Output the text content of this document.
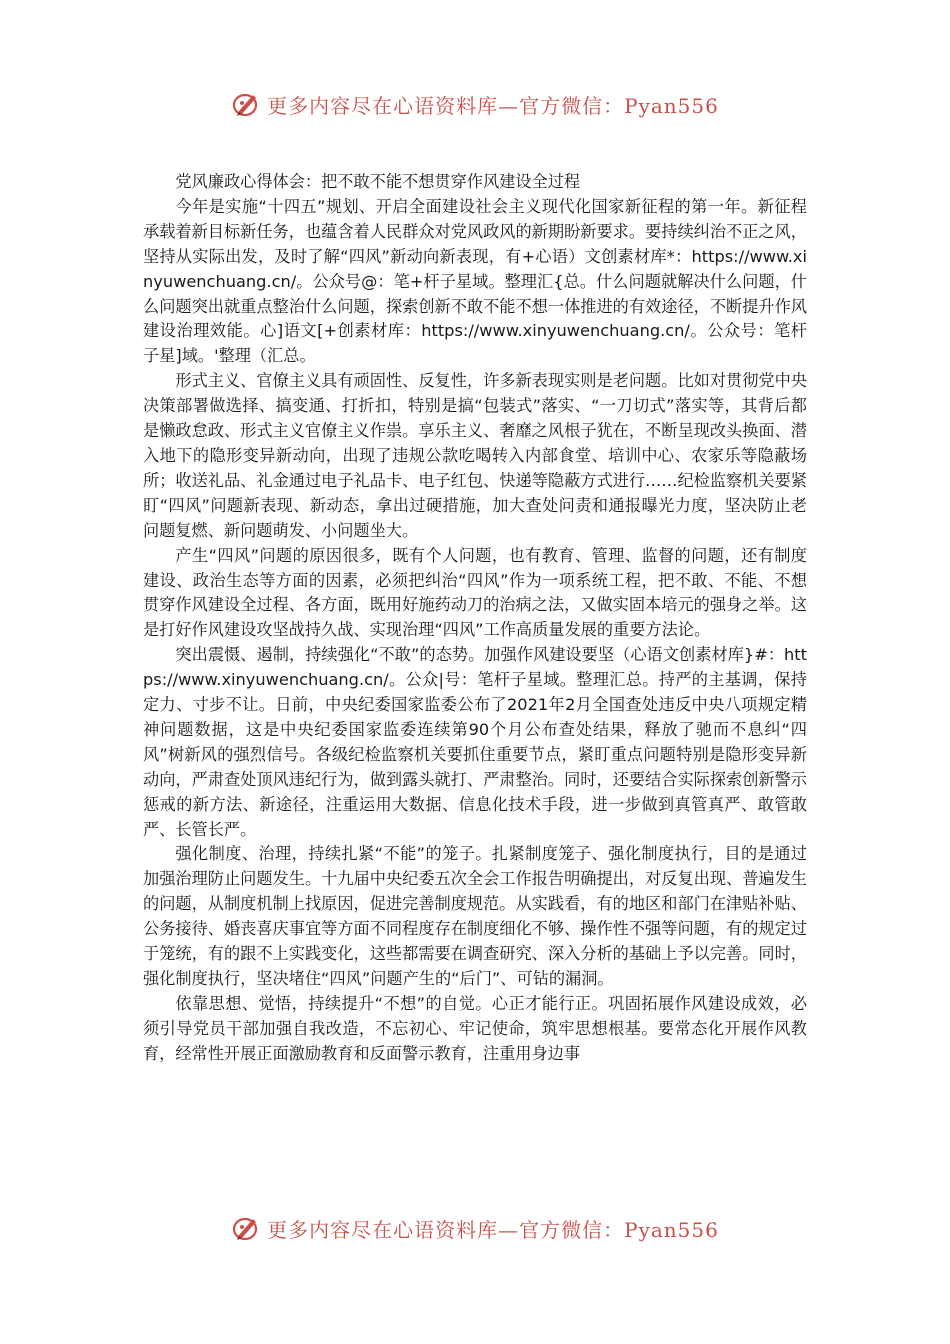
更多内容尽在心语资料库—官方微信：Pyan556

党风廉政心得体会：把不敢不能不想贯穿作风建设全过程

今年是实施“十四五”规划、开启全面建设社会主义现代化国家新征程的第一年。新征程承载着新目标新任务，也蕴含着人民群众对党风政风的新期盼新要求。要持续纠治不正之风，坚持从实际出发，及时了解“四风”新动向新表现，有+心语）文创素材库*：https://www.xinyuwenchuang.cn/。公众号@：笔+杆子星域。整理汇{总。什么问题就解决什么问题，什么问题突出就重点整治什么问题，探索创新不敢不能不想一体推进的有效途径，不断提升作风建设治理效能。心]语文[+创素材库：https://www.xinyuwenchuang.cn/。公众号：笔杆子星]域。'整理（汇总。

形式主义、官僚主义具有顽固性、反复性，许多新表现实则是老问题。比如对贯彻党中央决策部署做选择、搞变通、打折扣，特别是搞“包装式”落实、“一刀切式”落实等，其背后都是懒政怠政、形式主义官僚主义作祟。享乐主义、奢靡之风根子犹在，不断呈现改头换面、潜入地下的隐形变异新动向，出现了违规公款吃喝转入内部食堂、培训中心、农家乐等隐蔽场所；收送礼品、礼金通过电子礼品卡、电子红包、快递等隐蔽方式进行……纪检监察机关要紧盯“四风”问题新表现、新动态，拿出过硬措施，加大查处问责和通报曝光力度，坚决防止老问题复燃、新问题萌发、小问题坐大。

产生“四风”问题的原因很多，既有个人问题，也有教育、管理、监督的问题，还有制度建设、政治生态等方面的因素，必须把纠治“四风”作为一项系统工程，把不敢、不能、不想贯穿作风建设全过程、各方面，既用好施药动刀的治病之法，又做实固本培元的强身之举。这是打好作风建设攻坚战持久战、实现治理“四风”工作高质量发展的重要方法论。

突出震慑、遏制，持续强化“不敢”的态势。加强作风建设要坚（心语文创素材库}#：https://www.xinyuwenchuang.cn/。公众|号：笔杆子星域。整理汇总。持严的主基调，保持定力、寸步不让。日前，中央纪委国家监委公布了2021年2月全国查处违反中央八项规定精神问题数据，这是中央纪委国家监委连续第90个月公布查处结果，释放了驰而不息纠“四风”树新风的强烈信号。各级纪检监察机关要抓住重要节点，紧盯重点问题特别是隐形变异新动向，严肃查处顶风违纪行为，做到露头就打、严肃整治。同时，还要结合实际探索创新警示惩戒的新方法、新途径，注重运用大数据、信息化技术手段，进一步做到真管真严、敢管敢严、长管长严。

强化制度、治理，持续扎紧“不能”的笼子。扎紧制度笼子、强化制度执行，目的是通过加强治理防止问题发生。十九届中央纪委五次全会工作报告明确提出，对反复出现、普遍发生的问题，从制度机制上找原因，促进完善制度规范。从实践看，有的地区和部门在津贴补贴、公务接待、婚丧喜庆事宜等方面不同程度存在制度细化不够、操作性不强等问题，有的规定过于笼统，有的跟不上实践变化，这些都需要在调查研究、深入分析的基础上予以完善。同时，强化制度执行，坚决堵住“四风”问题产生的“后门”、可钻的漏洞。

依靠思想、觉悟，持续提升“不想”的自觉。心正才能行正。巩固拓展作风建设成效，必须引导党员干部加强自我改造，不忘初心、牢记使命，筑牢思想根基。要常态化开展作风教育，经常性开展正面激励教育和反面警示教育，注重用身边事

更多内容尽在心语资料库—官方微信：Pyan556
